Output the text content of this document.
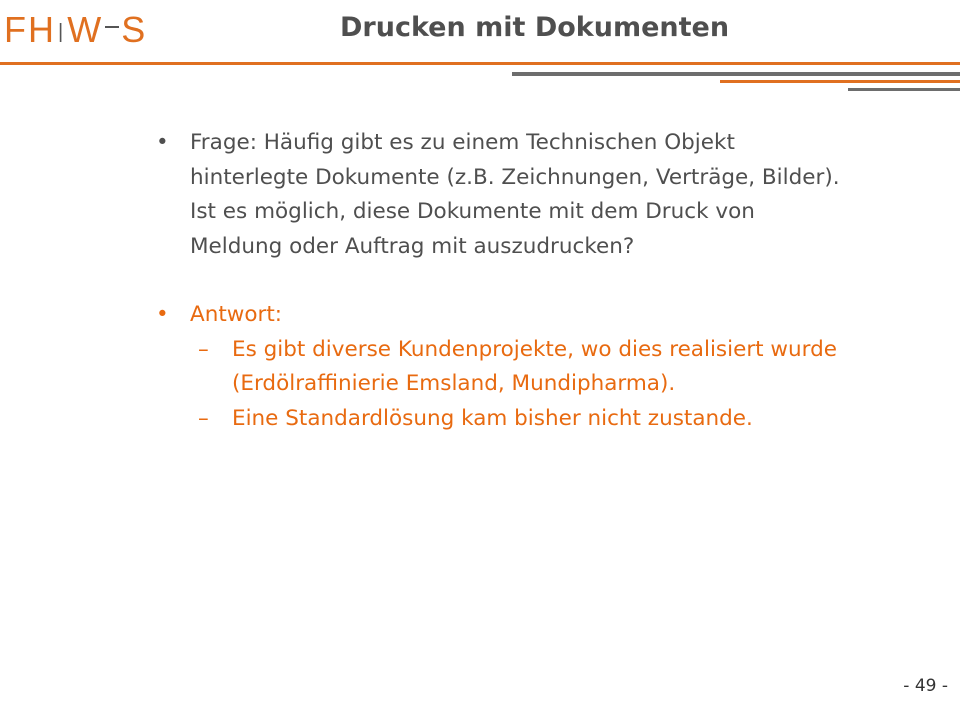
FH |W S	Drucken mit Dokumenten
• Frage: Häufig gibt es zu einem Technischen Objekt hinterlegte Dokumente (z.B. Zeichnungen, Verträge, Bilder). Ist es möglich, diese Dokumente mit dem Druck von Meldung oder Auftrag mit auszudrucken?
• Antwort:
– Es gibt diverse Kundenprojekte, wo dies realisiert wurde (Erdölraffinierie Emsland, Mundipharma).
– Eine Standardlösung kam bisher nicht zustande.
- 49 -
